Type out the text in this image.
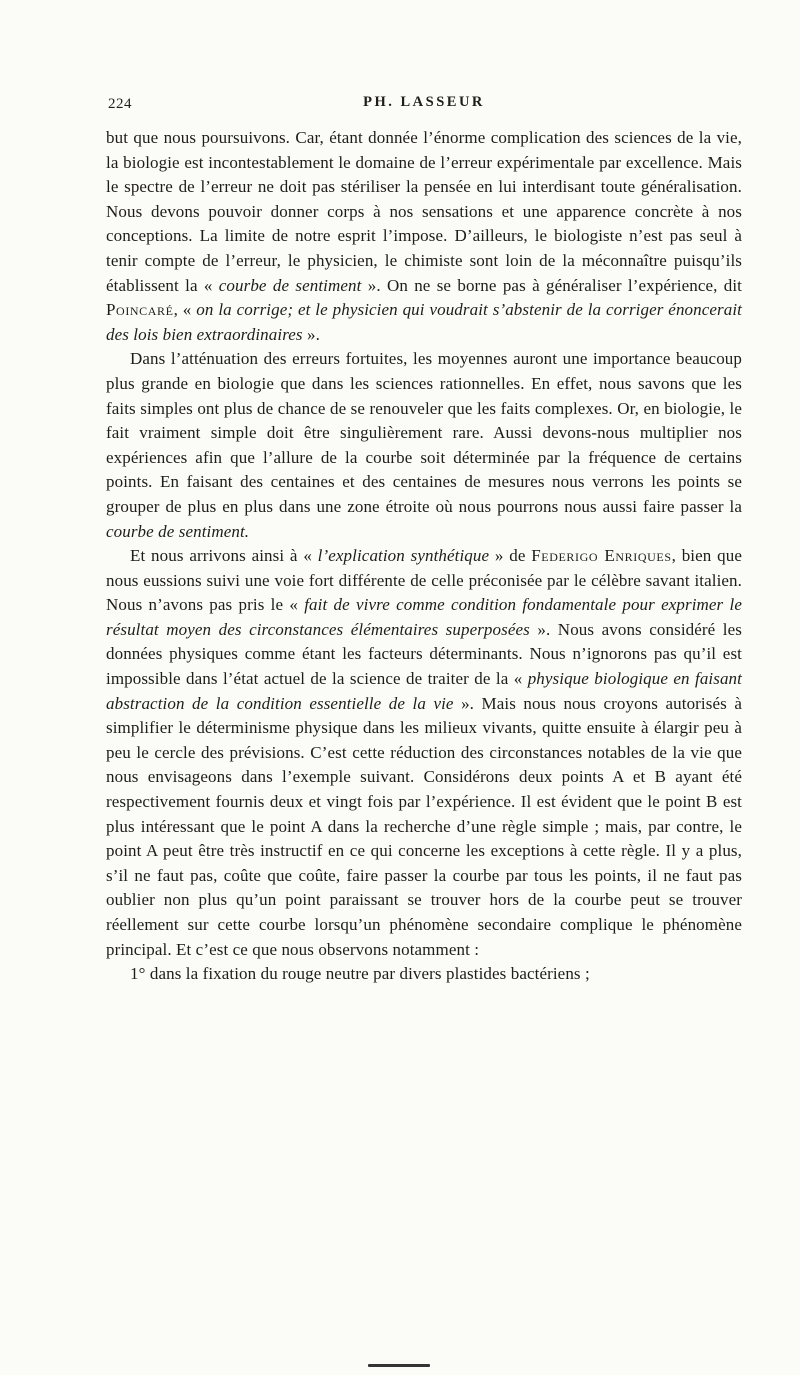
224	PH. LASSEUR

but que nous poursuivons. Car, étant donnée l’énorme complication des sciences de la vie, la biologie est incontestablement le domaine de l’erreur expérimentale par excellence. Mais le spectre de l’erreur ne doit pas stériliser la pensée en lui interdisant toute généralisation. Nous devons pouvoir donner corps à nos sensations et une apparence concrète à nos conceptions. La limite de notre esprit l’impose. D’ailleurs, le biologiste n’est pas seul à tenir compte de l’erreur, le physicien, le chimiste sont loin de la méconnaître puisqu’ils établissent la « courbe de sentiment ». On ne se borne pas à généraliser l’expérience, dit Poincaré, « on la corrige; et le physicien qui voudrait s’abstenir de la corriger énoncerait des lois bien extraordinaires ».

Dans l’atténuation des erreurs fortuites, les moyennes auront une importance beaucoup plus grande en biologie que dans les sciences rationnelles. En effet, nous savons que les faits simples ont plus de chance de se renouveler que les faits complexes. Or, en biologie, le fait vraiment simple doit être singulièrement rare. Aussi devons-nous multiplier nos expériences afin que l’allure de la courbe soit déterminée par la fréquence de certains points. En faisant des centaines et des centaines de mesures nous verrons les points se grouper de plus en plus dans une zone étroite où nous pourrons nous aussi faire passer la courbe de sentiment.

Et nous arrivons ainsi à « l’explication synthétique » de Federigo Enriques, bien que nous eussions suivi une voie fort différente de celle préconisée par le célèbre savant italien. Nous n’avons pas pris le « fait de vivre comme condition fondamentale pour exprimer le résultat moyen des circonstances élémentaires superposées ». Nous avons considéré les données physiques comme étant les facteurs déterminants. Nous n’ignorons pas qu’il est impossible dans l’état actuel de la science de traiter de la « physique biologique en faisant abstraction de la condition essentielle de la vie ». Mais nous nous croyons autorisés à simplifier le déterminisme physique dans les milieux vivants, quitte ensuite à élargir peu à peu le cercle des prévisions. C’est cette réduction des circonstances notables de la vie que nous envisageons dans l’exemple suivant. Considérons deux points A et B ayant été respectivement fournis deux et vingt fois par l’expérience. Il est évident que le point B est plus intéressant que le point A dans la recherche d’une règle simple ; mais, par contre, le point A peut être très instructif en ce qui concerne les exceptions à cette règle. Il y a plus, s’il ne faut pas, coûte que coûte, faire passer la courbe par tous les points, il ne faut pas oublier non plus qu’un point paraissant se trouver hors de la courbe peut se trouver réellement sur cette courbe lorsqu’un phénomène secondaire complique le phénomène principal. Et c’est ce que nous observons notamment :

1° dans la fixation du rouge neutre par divers plastides bactériens ;
